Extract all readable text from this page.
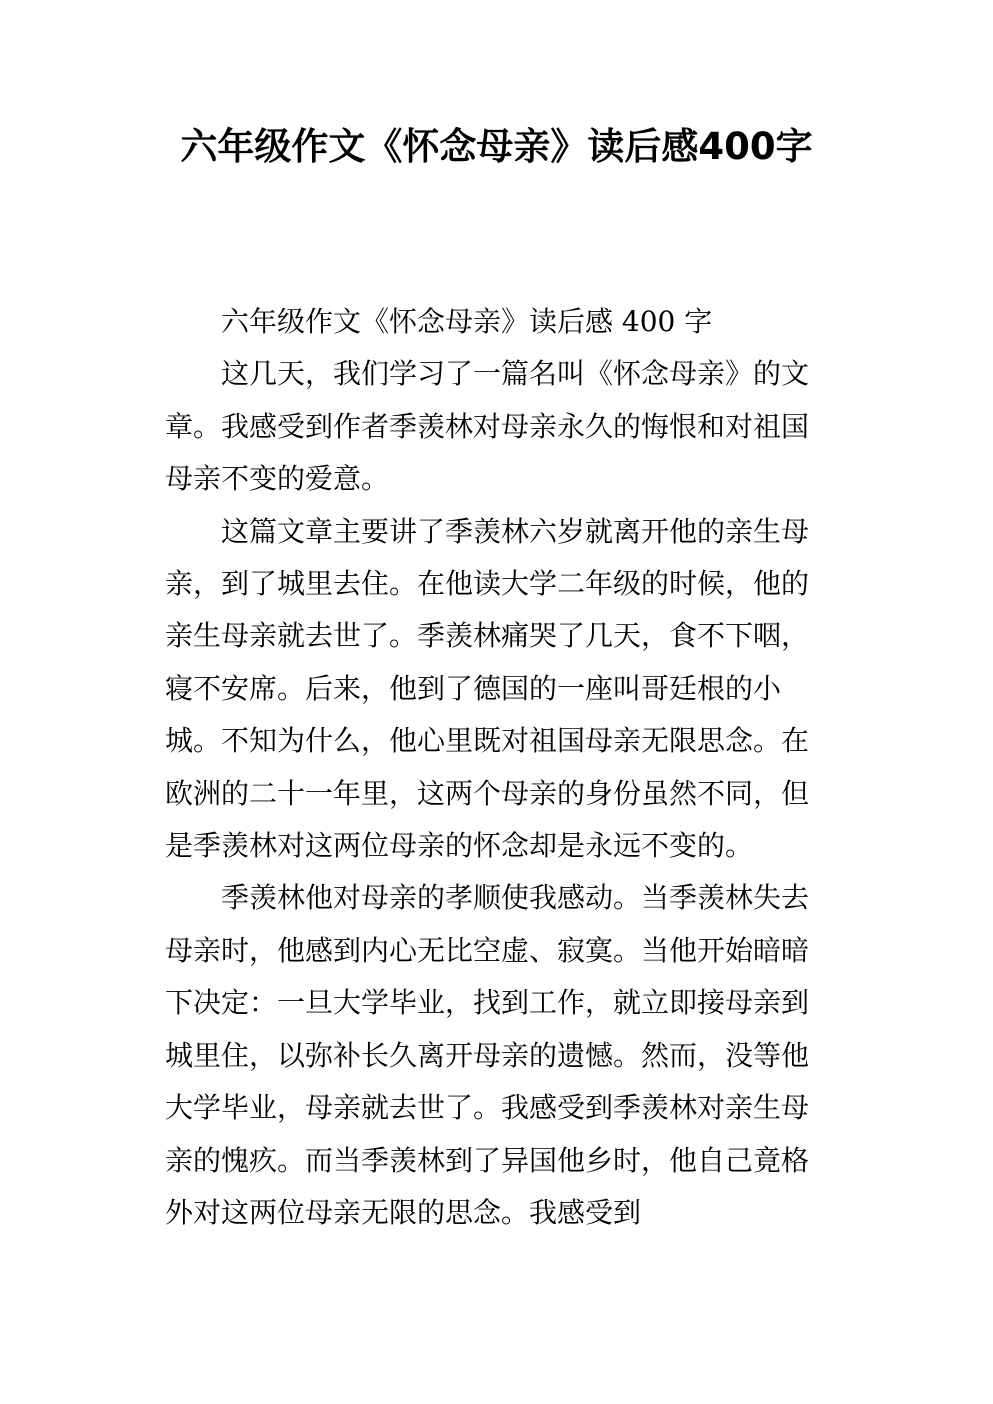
六年级作文《怀念母亲》读后感400字

六年级作文《怀念母亲》读后感 400 字

这几天，我们学习了一篇名叫《怀念母亲》的文章。我感受到作者季羡林对母亲永久的悔恨和对祖国母亲不变的爱意。

这篇文章主要讲了季羡林六岁就离开他的亲生母亲，到了城里去住。在他读大学二年级的时候，他的亲生母亲就去世了。季羡林痛哭了几天，食不下咽，寝不安席。后来，他到了德国的一座叫哥廷根的小城。不知为什么，他心里既对祖国母亲无限思念。在欧洲的二十一年里，这两个母亲的身份虽然不同，但是季羡林对这两位母亲的怀念却是永远不变的。

季羡林他对母亲的孝顺使我感动。当季羡林失去母亲时，他感到内心无比空虚、寂寞。当他开始暗暗下决定：一旦大学毕业，找到工作，就立即接母亲到城里住，以弥补长久离开母亲的遗憾。然而，没等他大学毕业，母亲就去世了。我感受到季羡林对亲生母亲的愧疚。而当季羡林到了异国他乡时，他自己竟格外对这两位母亲无限的思念。我感受到
